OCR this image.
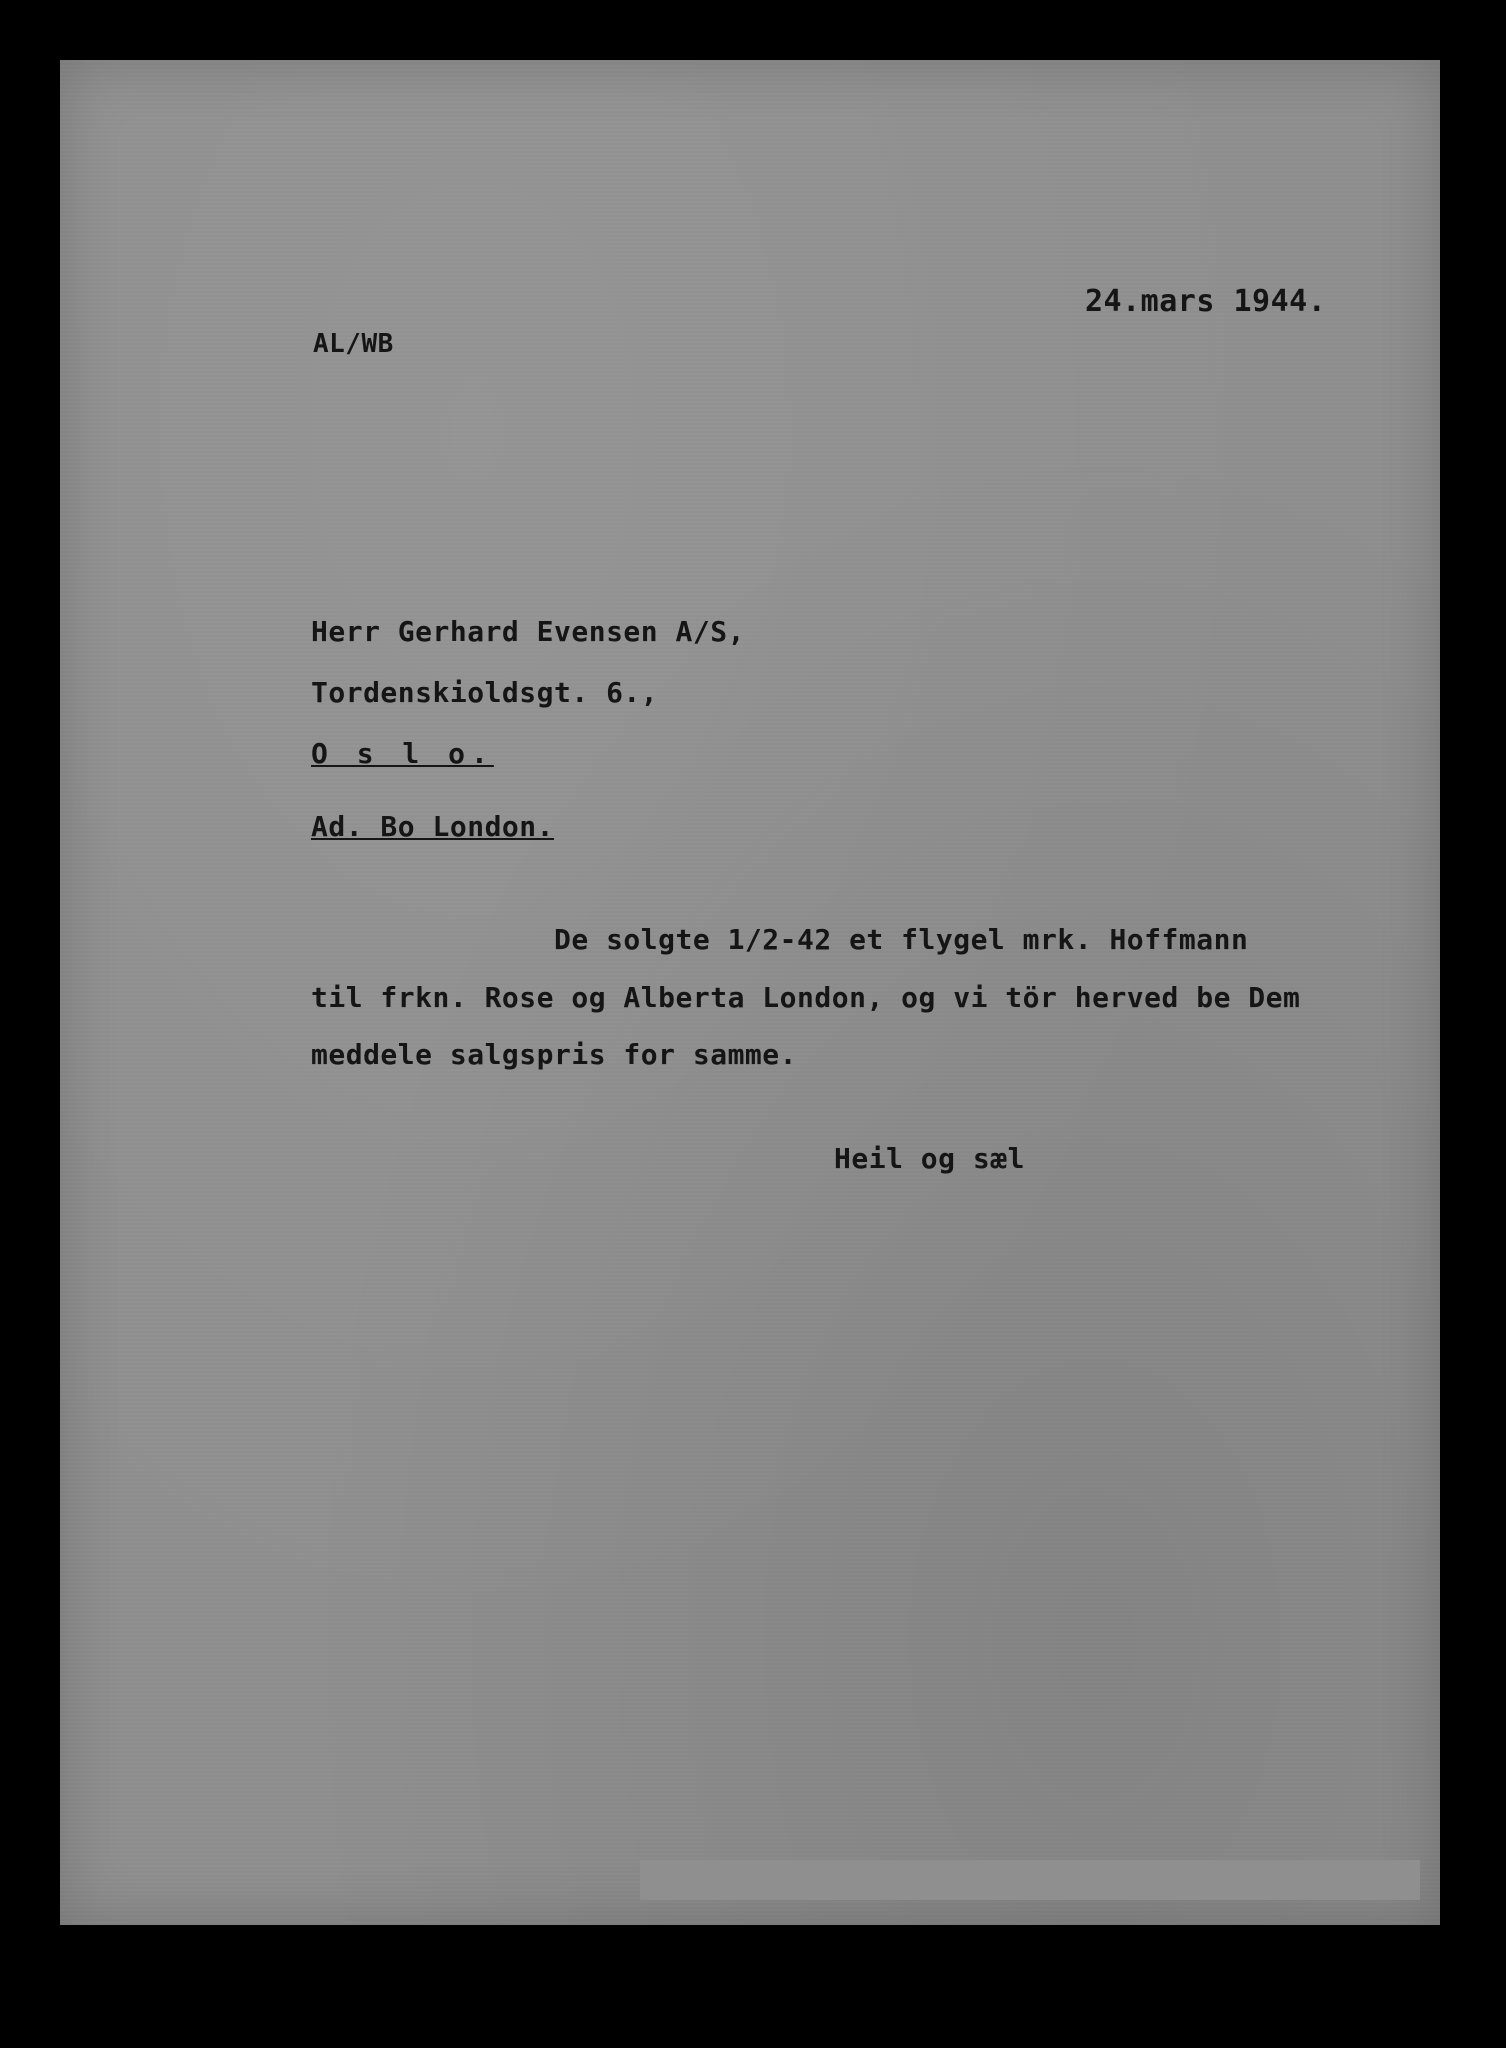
AL/WB
24.mars 1944.
Herr Gerhard Evensen A/S,
Tordenskioldsgt. 6.,
O s l o.
Ad. Bo London.
De solgte 1/2-42 et flygel mrk. Hoffmann
til frkn. Rose og Alberta London, og vi tör herved be Dem
meddele salgspris for samme.
Heil og sæl
